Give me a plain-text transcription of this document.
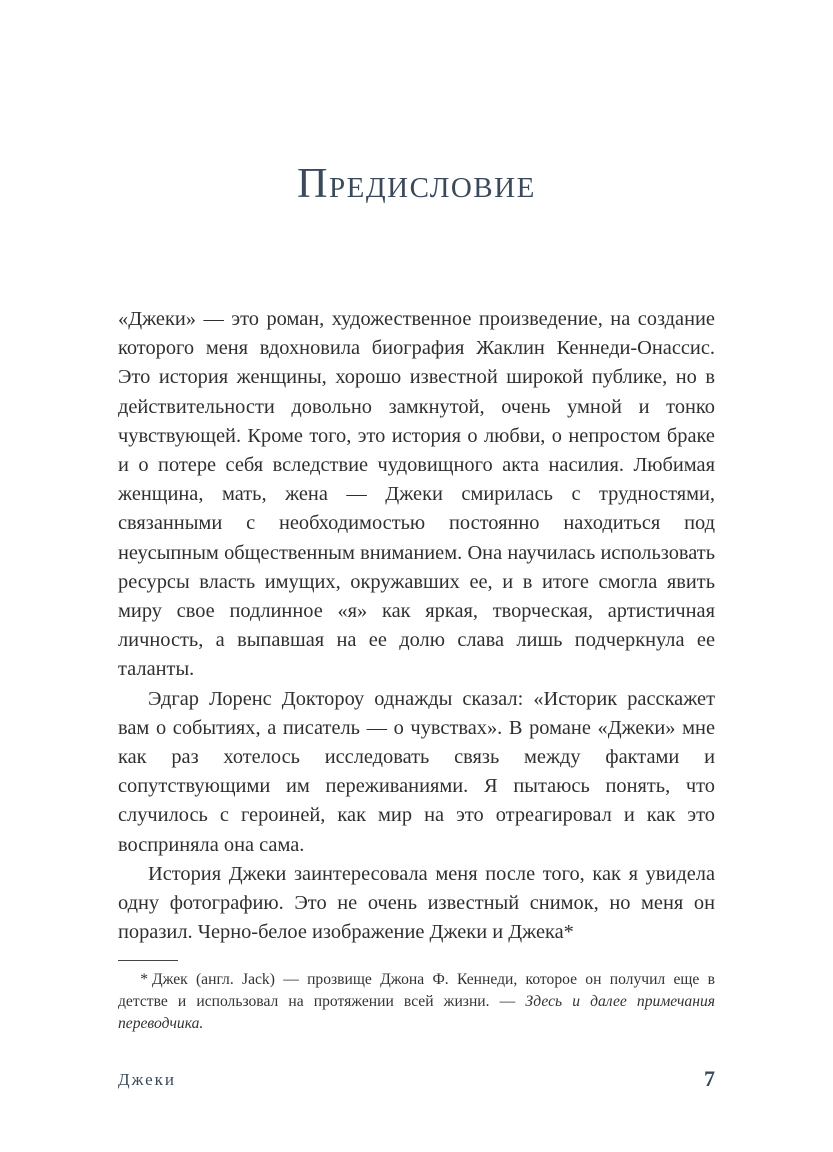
Предисловие

«Джеки» — это роман, художественное произведение, на создание которого меня вдохновила биография Жаклин Кеннеди-Онассис. Это история женщины, хорошо известной широкой публике, но в действительности довольно замкнутой, очень умной и тонко чувствующей. Кроме того, это история о любви, о непростом браке и о потере себя вследствие чудовищного акта насилия. Любимая женщина, мать, жена — Джеки смирилась с трудностями, связанными с необходимостью постоянно находиться под неусыпным общественным вниманием. Она научилась использовать ресурсы власть имущих, окружавших ее, и в итоге смогла явить миру свое подлинное «я» как яркая, творческая, артистичная личность, а выпавшая на ее долю слава лишь подчеркнула ее таланты.

Эдгар Лоренс Доктороу однажды сказал: «Историк расскажет вам о событиях, а писатель — о чувствах». В романе «Джеки» мне как раз хотелось исследовать связь между фактами и сопутствующими им переживаниями. Я пытаюсь понять, что случилось с героиней, как мир на это отреагировал и как это восприняла она сама.

История Джеки заинтересовала меня после того, как я увидела одну фотографию. Это не очень известный снимок, но меня он поразил. Черно-белое изображение Джеки и Джека*

* Джек (англ. Jack) — прозвище Джона Ф. Кеннеди, которое он получил еще в детстве и использовал на протяжении всей жизни. — Здесь и далее примечания переводчика.
Джеки	7
